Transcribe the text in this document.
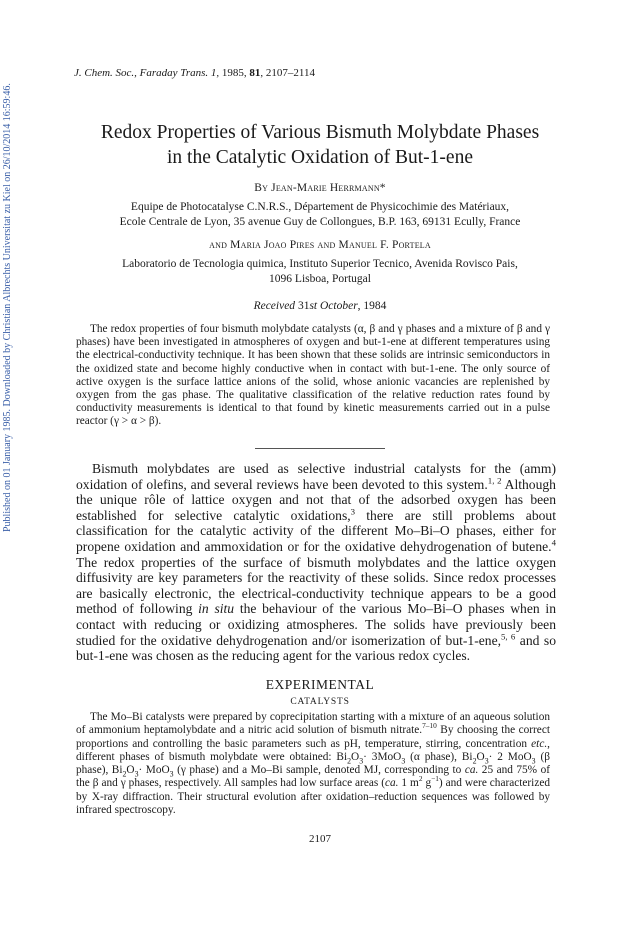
Published on 01 January 1985. Downloaded by Christian Albrechts Universitat zu Kiel on 26/10/2014 16:59:46.
J. Chem. Soc., Faraday Trans. 1, 1985, 81, 2107–2114
Redox Properties of Various Bismuth Molybdate Phases
in the Catalytic Oxidation of But-1-ene

By Jean-Marie Herrmann*

Equipe de Photocatalyse C.N.R.S., Département de Physicochimie des Matériaux,
Ecole Centrale de Lyon, 35 avenue Guy de Collongues, B.P. 163, 69131 Ecully, France

and Maria Joao Pires and Manuel F. Portela

Laboratorio de Tecnologia quimica, Instituto Superior Tecnico, Avenida Rovisco Pais,
1096 Lisboa, Portugal

Received 31st October, 1984

The redox properties of four bismuth molybdate catalysts (α, β and γ phases and a mixture of β and γ phases) have been investigated in atmospheres of oxygen and but-1-ene at different temperatures using the electrical-conductivity technique. It has been shown that these solids are intrinsic semiconductors in the oxidized state and become highly conductive when in contact with but-1-ene. The only source of active oxygen is the surface lattice anions of the solid, whose anionic vacancies are replenished by oxygen from the gas phase. The qualitative classification of the relative reduction rates found by conductivity measurements is identical to that found by kinetic measurements carried out in a pulse reactor (γ > α > β).

Bismuth molybdates are used as selective industrial catalysts for the (amm) oxidation of olefins, and several reviews have been devoted to this system.$^{1, 2}$ Although the unique rôle of lattice oxygen and not that of the adsorbed oxygen has been established for selective catalytic oxidations,$^3$ there are still problems about classification for the catalytic activity of the different Mo–Bi–O phases, either for propene oxidation and ammoxidation or for the oxidative dehydrogenation of butene.$^4$ The redox properties of the surface of bismuth molybdates and the lattice oxygen diffusivity are key parameters for the reactivity of these solids. Since redox processes are basically electronic, the electrical-conductivity technique appears to be a good method of following in situ the behaviour of the various Mo–Bi–O phases when in contact with reducing or oxidizing atmospheres. The solids have previously been studied for the oxidative dehydrogenation and/or isomerization of but-1-ene,$^{5, 6}$ and so but-1-ene was chosen as the reducing agent for the various redox cycles.

EXPERIMENTAL
CATALYSTS

The Mo–Bi catalysts were prepared by coprecipitation starting with a mixture of an aqueous solution of ammonium heptamolybdate and a nitric acid solution of bismuth nitrate.$^{7-10}$ By choosing the correct proportions and controlling the basic parameters such as pH, temperature, stirring, concentration etc., different phases of bismuth molybdate were obtained: $Bi_2O_3\cdot 3MoO_3$ (α phase), $Bi_2O_3\cdot 2$ MoO$_3$ (β phase), $Bi_2O_3\cdot MoO_3$ (γ phase) and a Mo–Bi sample, denoted MJ, corresponding to ca. 25 and 75% of the β and γ phases, respectively. All samples had low surface areas (ca. 1 $m^2$ $g^{-1}$) and were characterized by X-ray diffraction. Their structural evolution after oxidation–reduction sequences was followed by infrared spectroscopy.

2107
